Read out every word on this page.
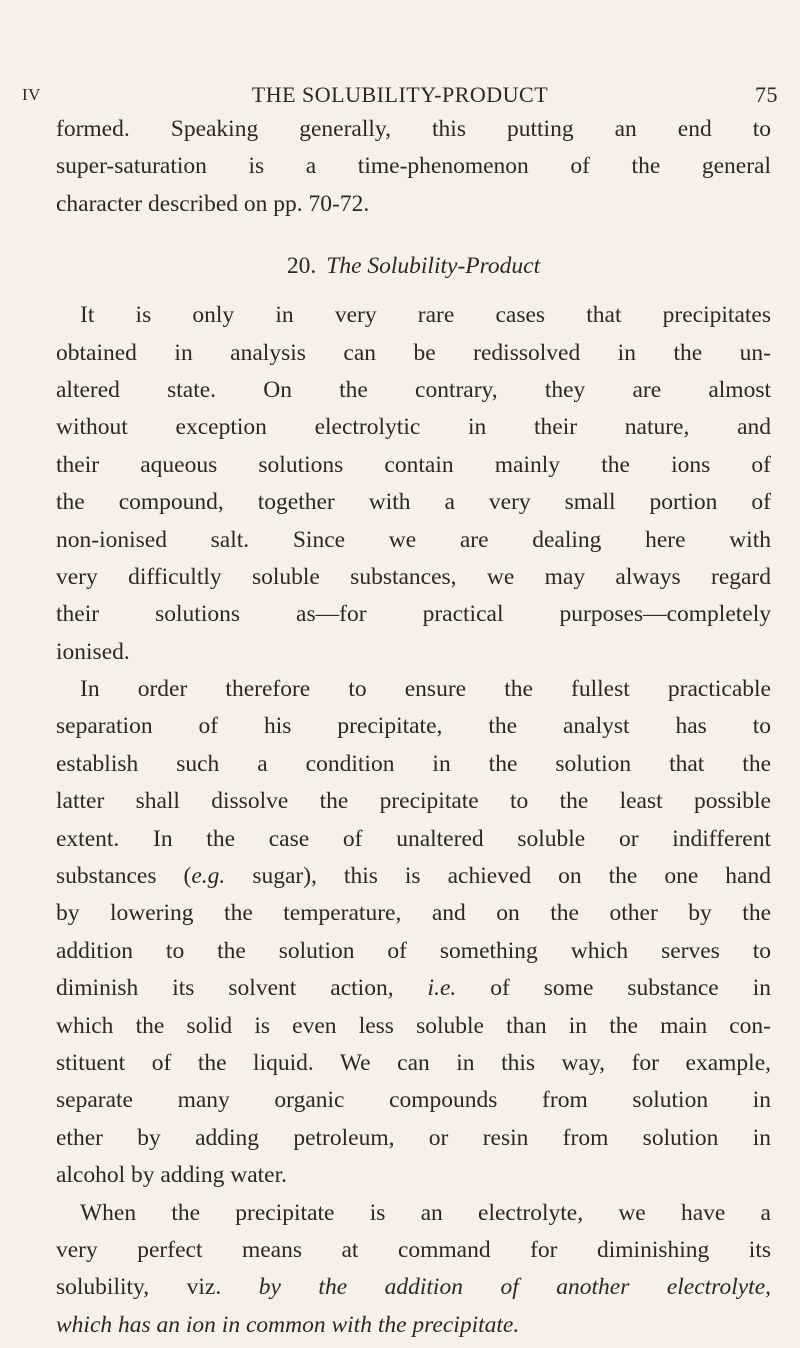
IV	THE SOLUBILITY-PRODUCT	75
formed. Speaking generally, this putting an end to
super-saturation is a time-phenomenon of the general
character described on pp. 70-72.
20. The Solubility-Product
It is only in very rare cases that precipitates
obtained in analysis can be redissolved in the un-
altered state. On the contrary, they are almost
without exception electrolytic in their nature, and
their aqueous solutions contain mainly the ions of
the compound, together with a very small portion of
non-ionised salt. Since we are dealing here with
very difficultly soluble substances, we may always regard
their solutions as—for practical purposes—completely
ionised.
In order therefore to ensure the fullest practicable
separation of his precipitate, the analyst has to
establish such a condition in the solution that the
latter shall dissolve the precipitate to the least possible
extent. In the case of unaltered soluble or indifferent
substances (e.g. sugar), this is achieved on the one hand
by lowering the temperature, and on the other by the
addition to the solution of something which serves to
diminish its solvent action, i.e. of some substance in
which the solid is even less soluble than in the main con-
stituent of the liquid. We can in this way, for example,
separate many organic compounds from solution in
ether by adding petroleum, or resin from solution in
alcohol by adding water.
When the precipitate is an electrolyte, we have a
very perfect means at command for diminishing its
solubility, viz. by the addition of another electrolyte,
which has an ion in common with the precipitate.
